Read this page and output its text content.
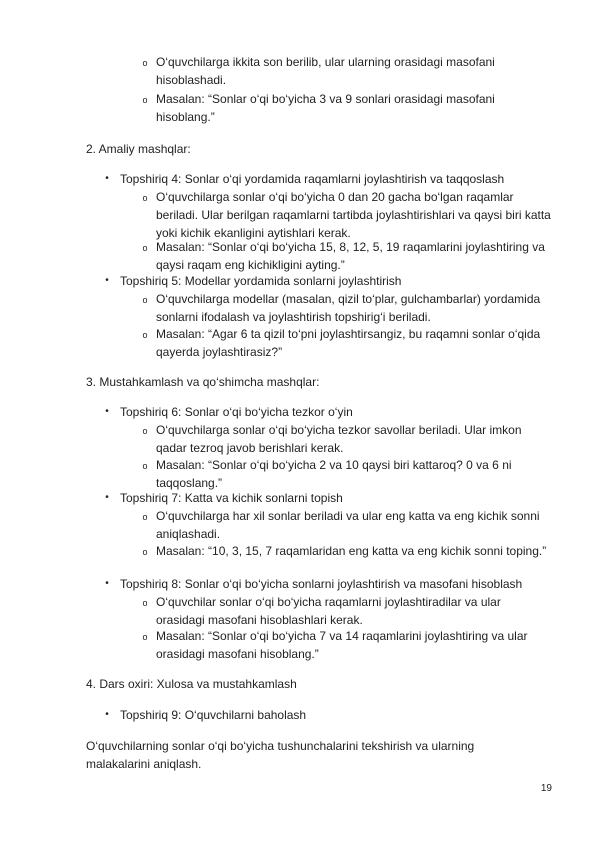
o O‘quvchilarga ikkita son berilib, ular ularning orasidagi masofani hisoblashadi.
o Masalan: “Sonlar o‘qi bo‘yicha 3 va 9 sonlari orasidagi masofani hisoblang.”
2. Amaliy mashqlar:
• Topshiriq 4: Sonlar o‘qi yordamida raqamlarni joylashtirish va taqqoslash
o O‘quvchilarga sonlar o‘qi bo‘yicha 0 dan 20 gacha bo‘lgan raqamlar beriladi. Ular berilgan raqamlarni tartibda joylashtirishlari va qaysi biri katta yoki kichik ekanligini aytishlari kerak.
o Masalan: “Sonlar o‘qi bo‘yicha 15, 8, 12, 5, 19 raqamlarini joylashtiring va qaysi raqam eng kichikligini ayting.”
• Topshiriq 5: Modellar yordamida sonlarni joylashtirish
o O‘quvchilarga modellar (masalan, qizil to‘plar, gulchambarlar) yordamida sonlarni ifodalash va joylashtirish topshirig‘i beriladi.
o Masalan: “Agar 6 ta qizil to‘pni joylashtirsangiz, bu raqamni sonlar o‘qida qayerda joylashtirasiz?”
3. Mustahkamlash va qo‘shimcha mashqlar:
• Topshiriq 6: Sonlar o‘qi bo‘yicha tezkor o‘yin
o O‘quvchilarga sonlar o‘qi bo‘yicha tezkor savollar beriladi. Ular imkon qadar tezroq javob berishlari kerak.
o Masalan: “Sonlar o‘qi bo‘yicha 2 va 10 qaysi biri kattaroq? 0 va 6 ni taqqoslang.”
• Topshiriq 7: Katta va kichik sonlarni topish
o O‘quvchilarga har xil sonlar beriladi va ular eng katta va eng kichik sonni aniqlashadi.
o Masalan: “10, 3, 15, 7 raqamlaridan eng katta va eng kichik sonni toping.”
• Topshiriq 8: Sonlar o‘qi bo‘yicha sonlarni joylashtirish va masofani hisoblash
o O‘quvchilar sonlar o‘qi bo‘yicha raqamlarni joylashtiradilar va ular orasidagi masofani hisoblashlari kerak.
o Masalan: “Sonlar o‘qi bo‘yicha 7 va 14 raqamlarini joylashtiring va ular orasidagi masofani hisoblang.”
4. Dars oxiri: Xulosa va mustahkamlash
• Topshiriq 9: O‘quvchilarni baholash
O‘quvchilarning sonlar o‘qi bo‘yicha tushunchalarini tekshirish va ularning malakalarini aniqlash.
19
